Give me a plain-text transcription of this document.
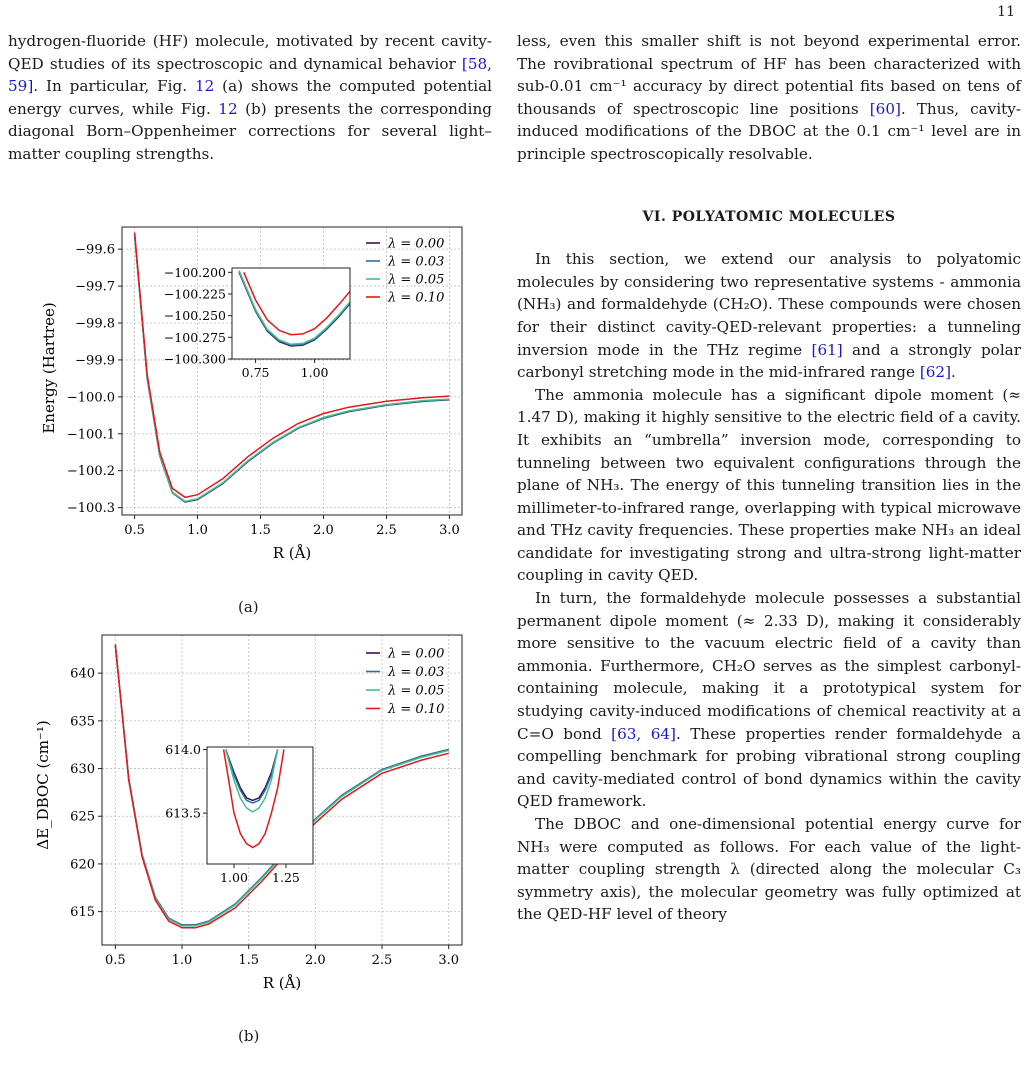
11

hydrogen-fluoride (HF) molecule, motivated by recent cavity-QED studies of its spectroscopic and dynamical behavior [58, 59]. In particular, Fig. 12 (a) shows the computed potential energy curves, while Fig. 12 (b) presents the corresponding diagonal Born–Oppenheimer corrections for several light–matter coupling strengths.

less, even this smaller shift is not beyond experimental error. The rovibrational spectrum of HF has been characterized with sub-0.01 cm⁻¹ accuracy by direct potential fits based on tens of thousands of spectroscopic line positions [60]. Thus, cavity-induced modifications of the DBOC at the 0.1 cm⁻¹ level are in principle spectroscopically resolvable.

VI. POLYATOMIC MOLECULES

In this section, we extend our analysis to polyatomic molecules by considering two representative systems - ammonia (NH₃) and formaldehyde (CH₂O). These compounds were chosen for their distinct cavity-QED-relevant properties: a tunneling inversion mode in the THz regime [61] and a strongly polar carbonyl stretching mode in the mid-infrared range [62].

The ammonia molecule has a significant dipole moment (≈ 1.47 D), making it highly sensitive to the electric field of a cavity. It exhibits an “umbrella” inversion mode, corresponding to tunneling between two equivalent configurations through the plane of NH₃. The energy of this tunneling transition lies in the millimeter-to-infrared range, overlapping with typical microwave and THz cavity frequencies. These properties make NH₃ an ideal candidate for investigating strong and ultra-strong light-matter coupling in cavity QED.

In turn, the formaldehyde molecule possesses a substantial permanent dipole moment (≈ 2.33 D), making it considerably more sensitive to the vacuum electric field of a cavity than ammonia. Furthermore, CH₂O serves as the simplest carbonyl-containing molecule, making it a prototypical system for studying cavity-induced modifications of chemical reactivity at a C=O bond [63, 64]. These properties render formaldehyde a compelling benchmark for probing vibrational strong coupling and cavity-mediated control of bond dynamics within the cavity QED framework.

The DBOC and one-dimensional potential energy curve for NH₃ were computed as follows. For each value of the light-matter coupling strength λ (directed along the molecular C₃ symmetry axis), the molecular geometry was fully optimized at the QED-HF level of theory

0.5	1.0	1.5	2.0	2.5	3.0
−99.6
−99.7
−99.8
−99.9
−100.0
−100.1
−100.2
−100.3
R (Å)
Energy (Hartree)
λ = 0.00
λ = 0.03
λ = 0.05
λ = 0.10
0.75 1.00
−100.200
−100.225
−100.250
−100.275
−100.300
(a)
0.5	1.0	1.5	2.0	2.5	3.0
640
635
630
625
620
615
R (Å)
ΔE_DBOC (cm⁻¹)
λ = 0.00
λ = 0.03
λ = 0.05
λ = 0.10
1.00 1.25
614.0
613.5
(b)
